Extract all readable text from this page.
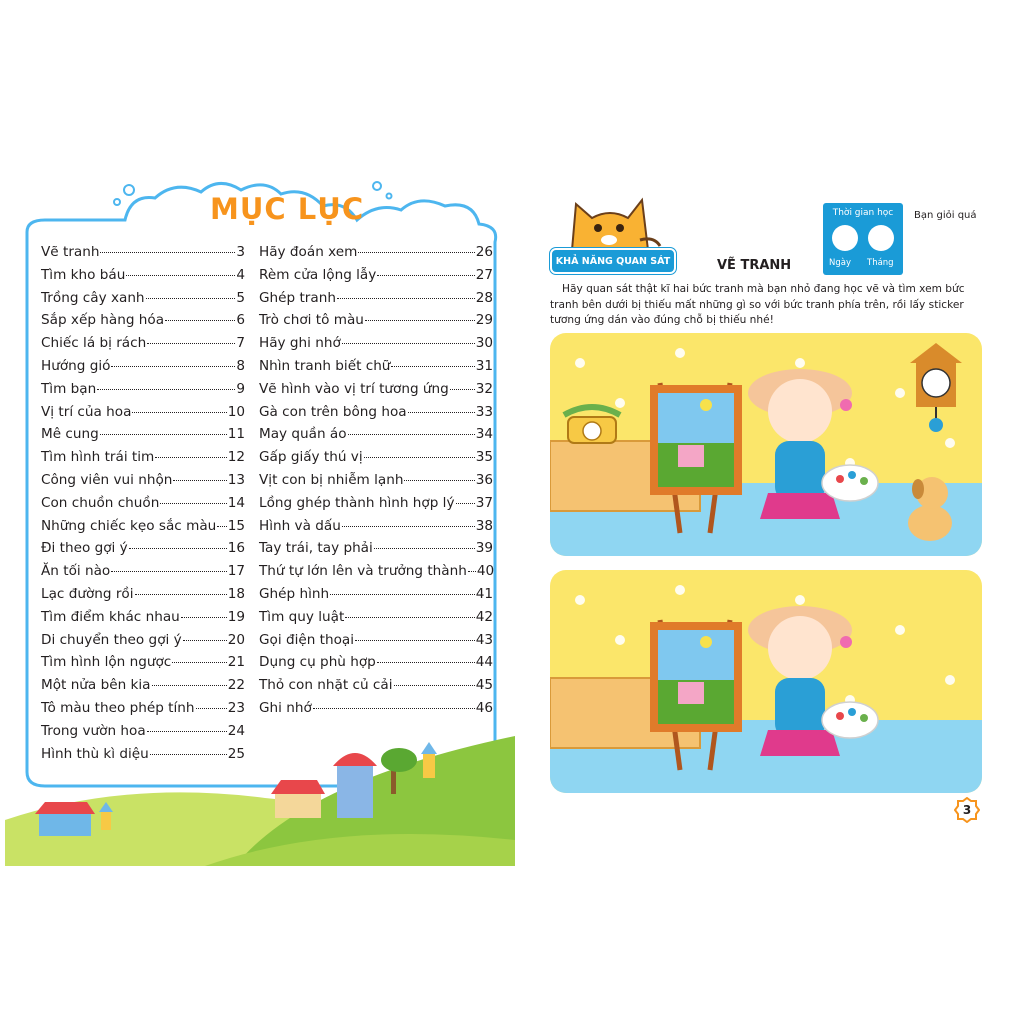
MỤC LỤC
Vẽ tranh	3
Tìm kho báu	4
Trồng cây xanh	5
Sắp xếp hàng hóa	6
Chiếc lá bị rách	7
Hướng gió	8
Tìm bạn	9
Vị trí của hoa	10
Mê cung	11
Tìm hình trái tim	12
Công viên vui nhộn	13
Con chuồn chuồn	14
Những chiếc kẹo sắc màu 15
Đi theo gợi ý	16
Ăn tối nào	17
Lạc đường rồi	18
Tìm điểm khác nhau	19
Di chuyển theo gợi ý	20
Tìm hình lộn ngược	21
Một nửa bên kia	22
Tô màu theo phép tính 23
Trong vườn hoa	24
Hình thù kì diệu	25
Hãy đoán xem	26
Rèm cửa lộng lẫy	27
Ghép tranh	28
Trò chơi tô màu	29
Hãy ghi nhớ	30
Nhìn tranh biết chữ	31
Vẽ hình vào vị trí tương ứng 32
Gà con trên bông hoa	33
May quần áo	34
Gấp giấy thú vị	35
Vịt con bị nhiễm lạnh	36
Lồng ghép thành hình hợp lý 37
Hình và dấu	38
Tay trái, tay phải	39
Thứ tự lớn lên và trưởng thành 40
Ghép hình	41
Tìm quy luật	42
Gọi điện thoại	43
Dụng cụ phù hợp	44
Thỏ con nhặt củ cải	45
Ghi nhớ	46
KHẢ NĂNG QUAN SÁT	VẼ TRANH
Thời gian học
Ngày Tháng
Bạn giỏi quá
Hãy quan sát thật kĩ hai bức tranh mà bạn nhỏ đang học vẽ và tìm xem bức tranh bên dưới bị thiếu mất những gì so với bức tranh phía trên, rồi lấy sticker tương ứng dán vào đúng chỗ bị thiếu nhé!
3
